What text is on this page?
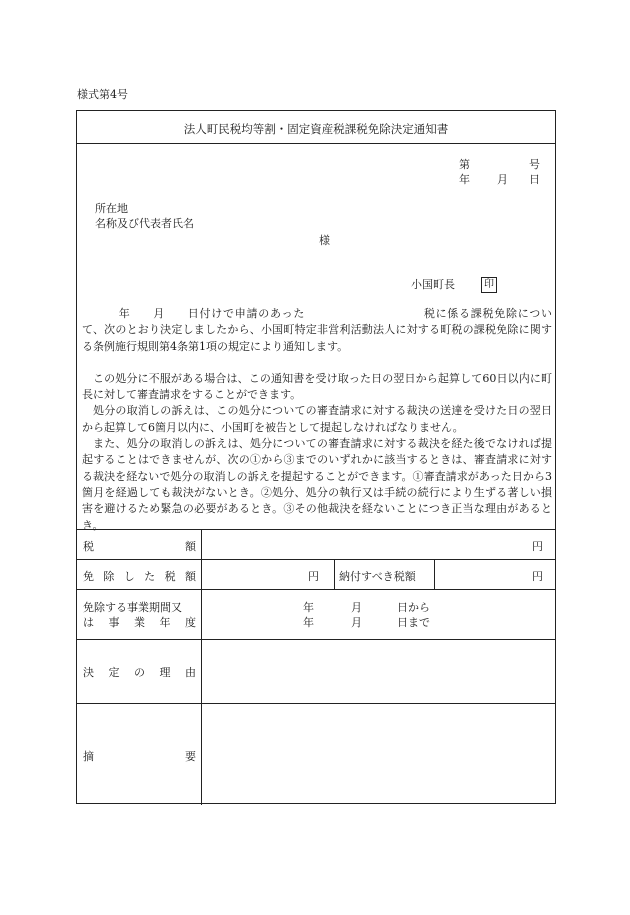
様式第4号
法人町民税均等割・固定資産税課税免除決定通知書
第	号
年 月 日
所在地
名称及び代表者氏名
様
小国町長	印

年 月 日付けで申請のあった	税に係る課税免除について、次のとおり決定しましたから、小国町特定非営利活動法人に対する町税の課税免除に関する条例施行規則第4条第1項の規定により通知します。

この処分に不服がある場合は、この通知書を受け取った日の翌日から起算して60日以内に町長に対して審査請求をすることができます。

処分の取消しの訴えは、この処分についての審査請求に対する裁決の送達を受けた日の翌日から起算して6箇月以内に、小国町を被告として提起しなければなりません。

また、処分の取消しの訴えは、処分についての審査請求に対する裁決を経た後でなければ提起することはできませんが、次の①から③までのいずれかに該当するときは、審査請求に対する裁決を経ないで処分の取消しの訴えを提起することができます。①審査請求があった日から3箇月を経過しても裁決がないとき。②処分、処分の執行又は手続の続行により生ずる著しい損害を避けるため緊急の必要があるとき。③その他裁決を経ないことにつき正当な理由があるとき。

税	額	円
免 除 し た 税 額	円 納付すべき税額	円
免除する事業期間又
は 事 業 年 度
年	月	日から
年	月	日まで
決 定 の 理 由
摘	要
